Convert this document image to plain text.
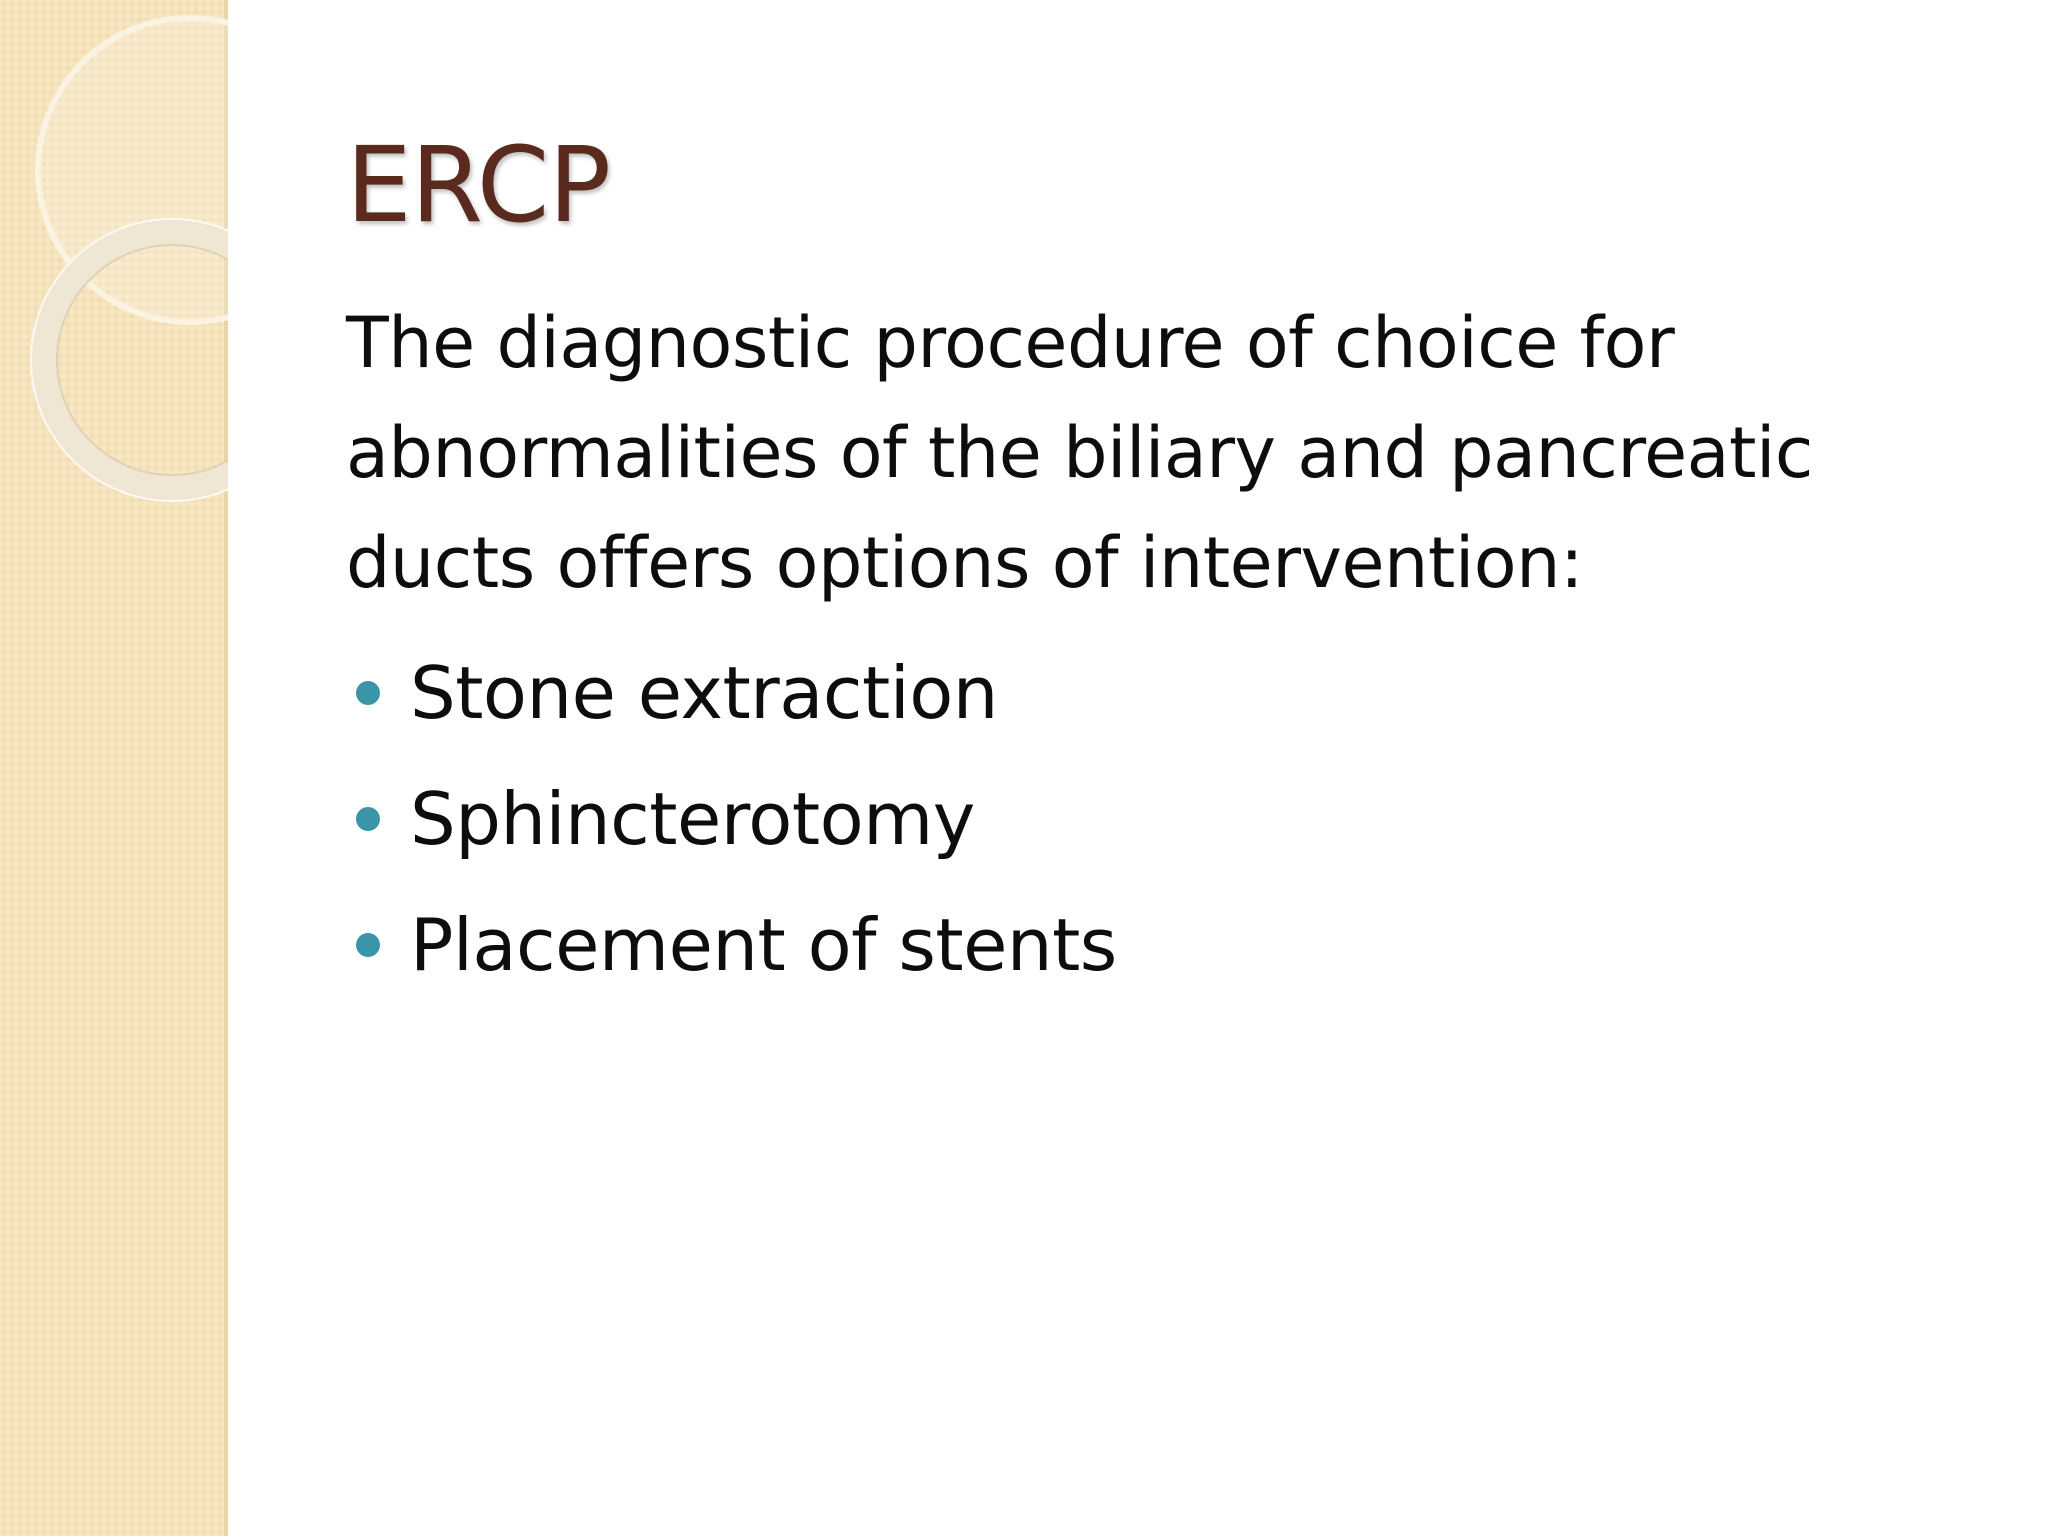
ERCP

The diagnostic procedure of choice for abnormalities of the biliary and pancreatic ducts offers options of intervention:

Stone extraction
Sphincterotomy
Placement of stents
